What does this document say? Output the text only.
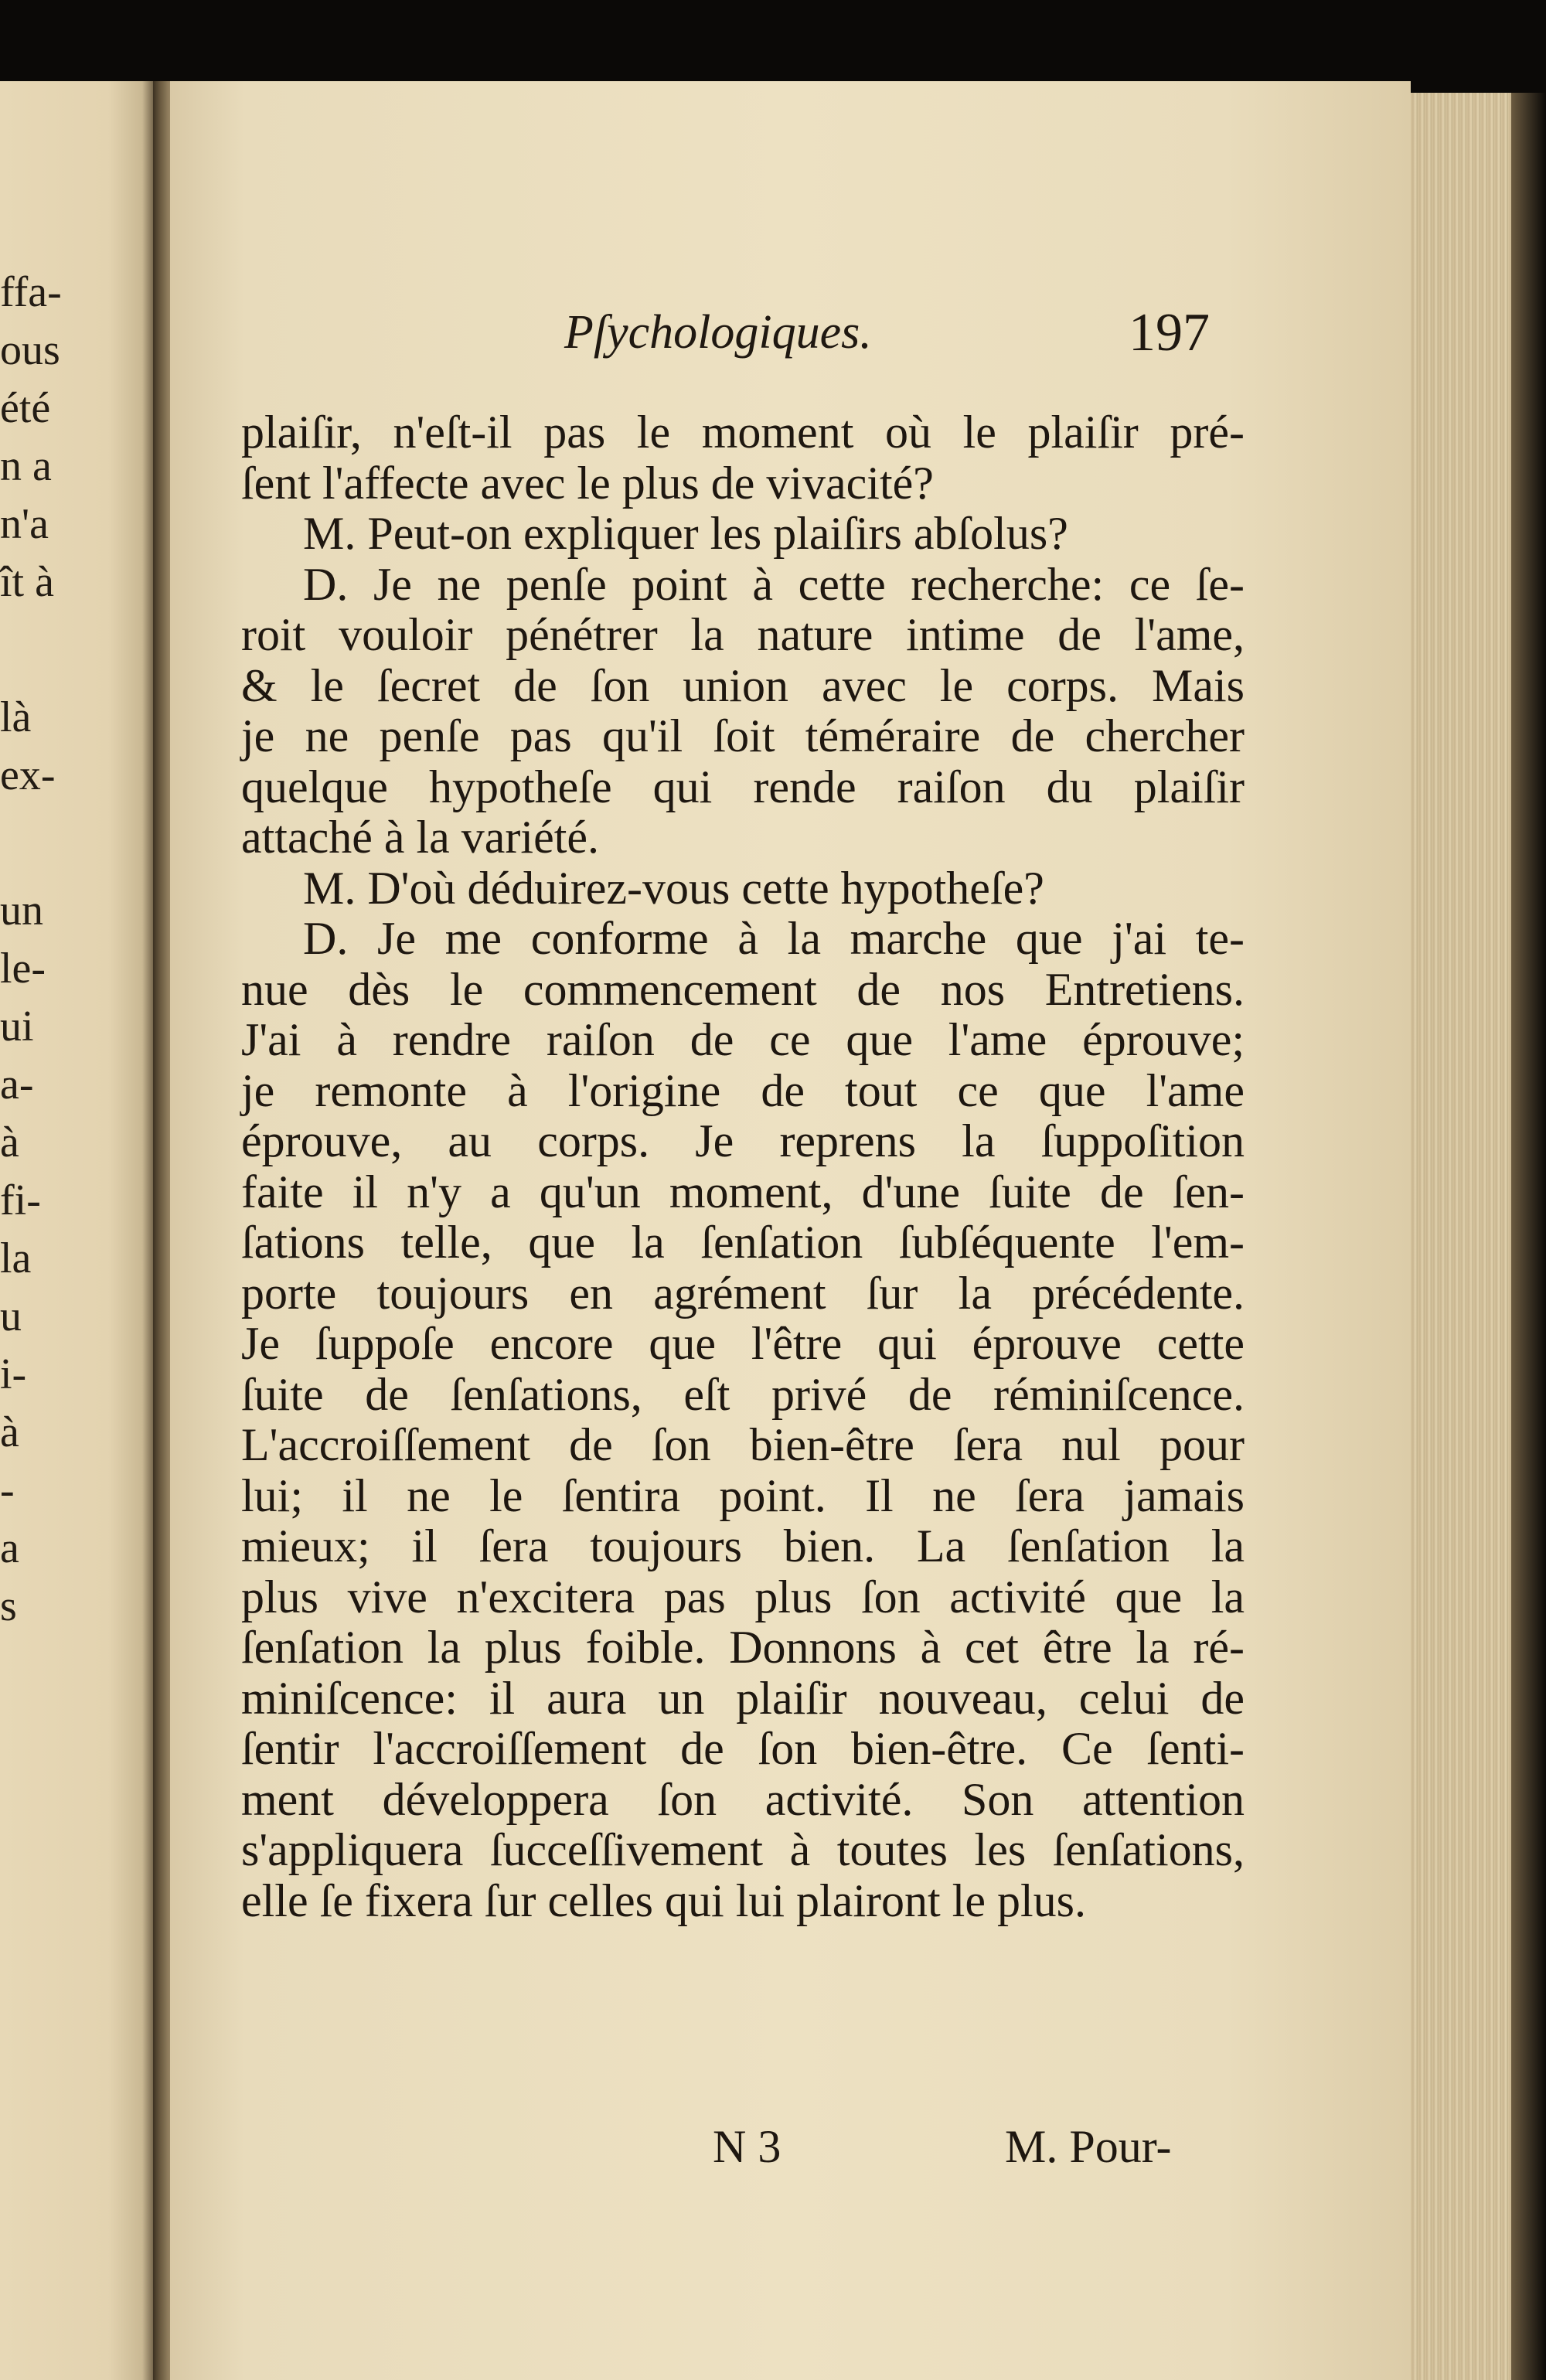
ffa-
ous
été
n a
n'a
ît à
là
ex-
un
le-
ui
a-
à
fi-
la
u
i-
à
-
a
s
Pſychologiques.	197
plaiſir, n'eſt-il pas le moment où le plaiſir pré-
ſent l'affecte avec le plus de vivacité?
M. Peut-on expliquer les plaiſirs abſolus?
D. Je ne penſe point à cette recherche: ce ſe-
roit vouloir pénétrer la nature intime de l'ame,
& le ſecret de ſon union avec le corps. Mais
je ne penſe pas qu'il ſoit téméraire de chercher
quelque hypotheſe qui rende raiſon du plaiſir
attaché à la variété.
M. D'où déduirez-vous cette hypotheſe?
D. Je me conforme à la marche que j'ai te-
nue dès le commencement de nos Entretiens.
J'ai à rendre raiſon de ce que l'ame éprouve;
je remonte à l'origine de tout ce que l'ame
éprouve, au corps. Je reprens la ſuppoſition
faite il n'y a qu'un moment, d'une ſuite de ſen-
ſations telle, que la ſenſation ſubſéquente l'em-
porte toujours en agrément ſur la précédente.
Je ſuppoſe encore que l'être qui éprouve cette
ſuite de ſenſations, eſt privé de réminiſcence.
L'accroiſſement de ſon bien-être ſera nul pour
lui; il ne le ſentira point. Il ne ſera jamais
mieux; il ſera toujours bien. La ſenſation la
plus vive n'excitera pas plus ſon activité que la
ſenſation la plus foible. Donnons à cet être la ré-
miniſcence: il aura un plaiſir nouveau, celui de
ſentir l'accroiſſement de ſon bien-être. Ce ſenti-
ment développera ſon activité. Son attention
s'appliquera ſucceſſivement à toutes les ſenſations,
elle ſe fixera ſur celles qui lui plairont le plus.
N 3	M. Pour-
